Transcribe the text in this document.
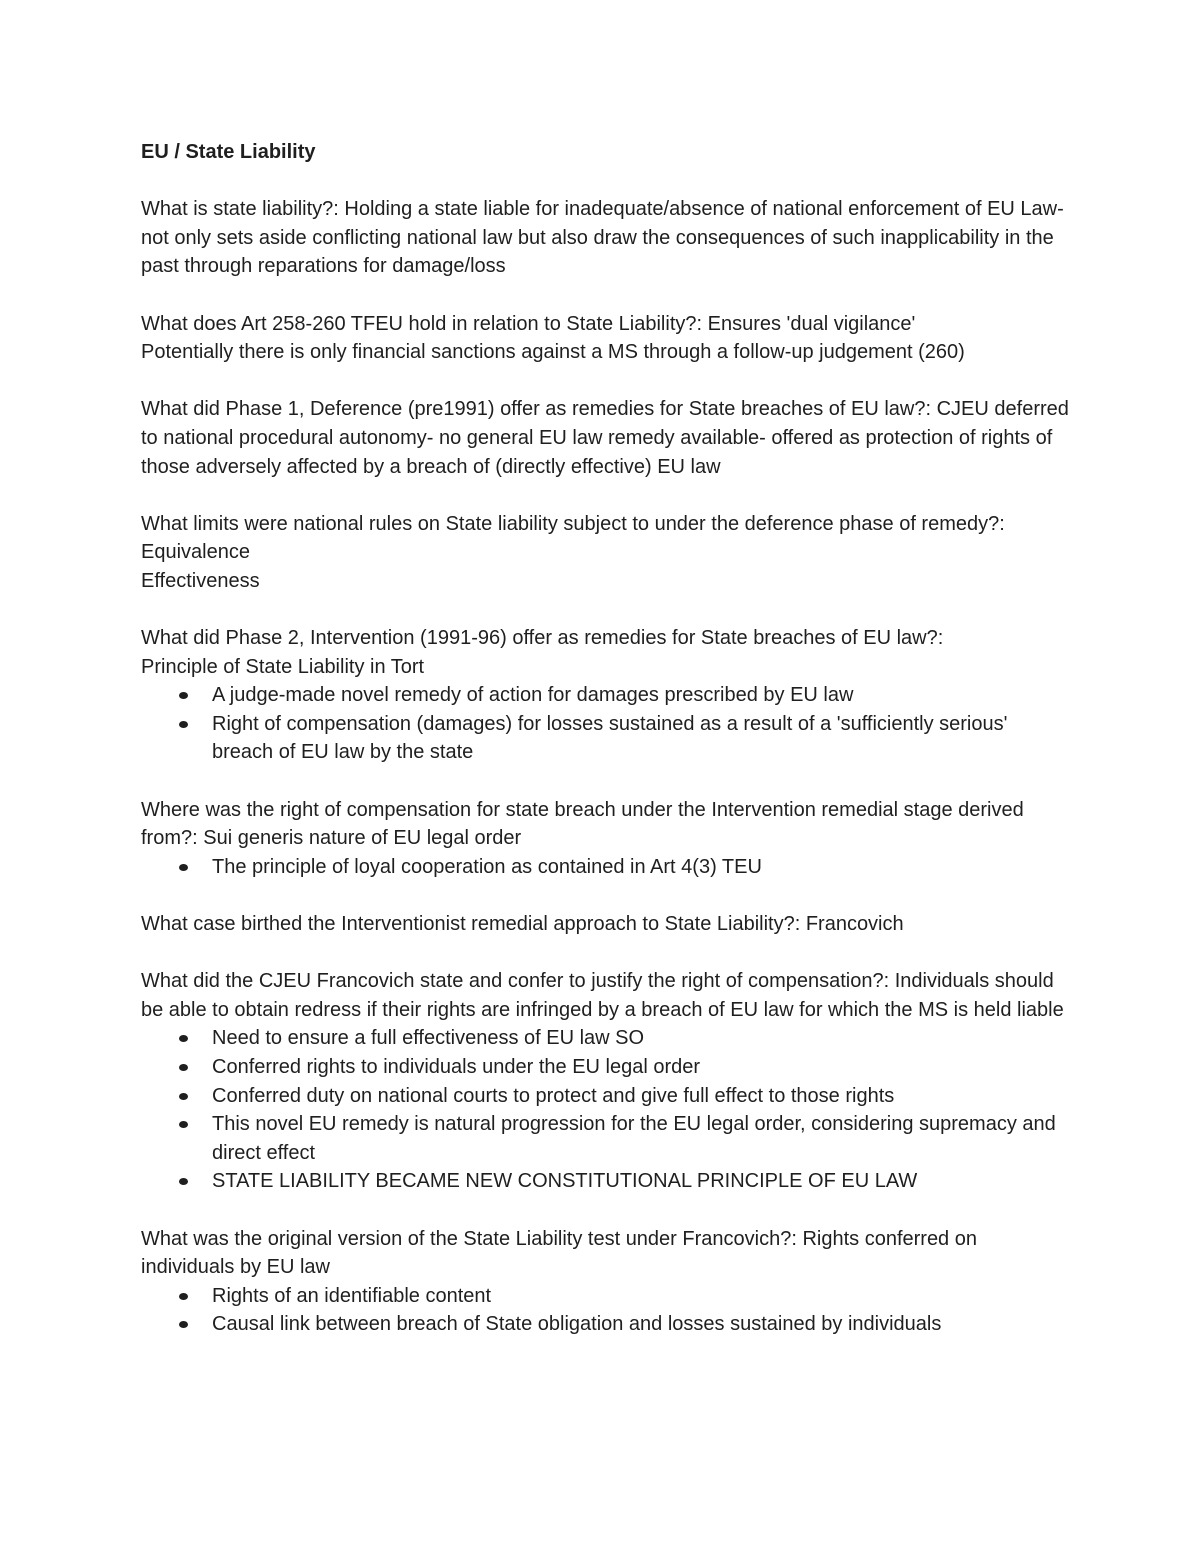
EU / State Liability

What is state liability?: Holding a state liable for inadequate/absence of national enforcement of EU Law- not only sets aside conflicting national law but also draw the consequences of such inapplicability in the past through reparations for damage/loss

What does Art 258-260 TFEU hold in relation to State Liability?: Ensures 'dual vigilance'
Potentially there is only financial sanctions against a MS through a follow-up judgement (260)

What did Phase 1, Deference (pre1991) offer as remedies for State breaches of EU law?: CJEU deferred to national procedural autonomy- no general EU law remedy available- offered as protection of rights of those adversely affected by a breach of (directly effective) EU law

What limits were national rules on State liability subject to under the deference phase of remedy?: Equivalence
Effectiveness

What did Phase 2, Intervention (1991-96) offer as remedies for State breaches of EU law?:
Principle of State Liability in Tort

A judge-made novel remedy of action for damages prescribed by EU law
Right of compensation (damages) for losses sustained as a result of a 'sufficiently serious' breach of EU law by the state

Where was the right of compensation for state breach under the Intervention remedial stage derived from?: Sui generis nature of EU legal order

The principle of loyal cooperation as contained in Art 4(3) TEU

What case birthed the Interventionist remedial approach to State Liability?: Francovich

What did the CJEU Francovich state and confer to justify the right of compensation?: Individuals should be able to obtain redress if their rights are infringed by a breach of EU law for which the MS is held liable

Need to ensure a full effectiveness of EU law SO
Conferred rights to individuals under the EU legal order
Conferred duty on national courts to protect and give full effect to those rights
This novel EU remedy is natural progression for the EU legal order, considering supremacy and direct effect
STATE LIABILITY BECAME NEW CONSTITUTIONAL PRINCIPLE OF EU LAW

What was the original version of the State Liability test under Francovich?: Rights conferred on individuals by EU law

Rights of an identifiable content
Causal link between breach of State obligation and losses sustained by individuals
